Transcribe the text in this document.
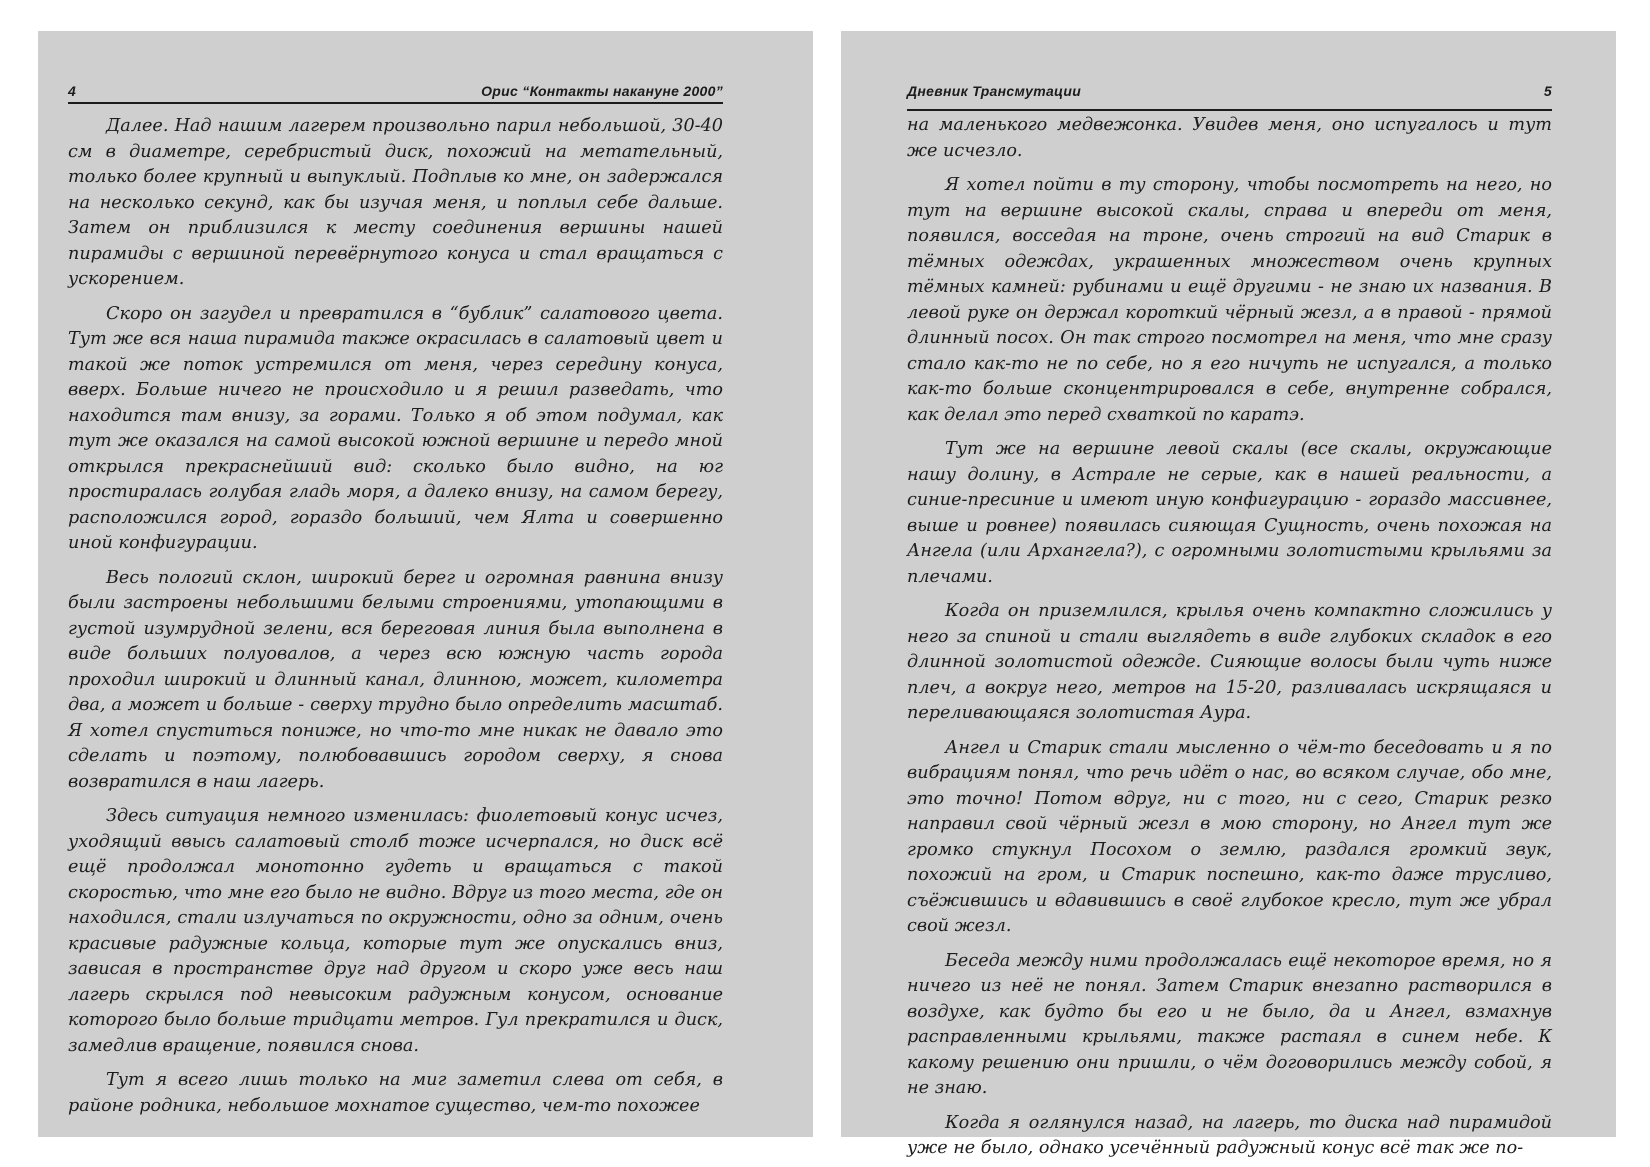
4	Орис “Контакты накануне 2000”

Далее. Над нашим лагерем произвольно парил небольшой, 30-40 см в диаметре, серебристый диск, похожий на метательный, только более крупный и выпуклый. Подплыв ко мне, он задержался на несколько секунд, как бы изучая меня, и поплыл себе дальше. Затем он приблизился к месту соединения вершины нашей пирамиды с вершиной перевёрнутого конуса и стал вращаться с ускорением.

Скоро он загудел и превратился в “бублик” салатового цвета. Тут же вся наша пирамида также окрасилась в салатовый цвет и такой же поток устремился от меня, через середину конуса, вверх. Больше ничего не происходило и я решил разведать, что находится там внизу, за горами. Только я об этом подумал, как тут же оказался на самой высокой южной вершине и передо мной открылся прекраснейший вид: сколько было видно, на юг простиралась голубая гладь моря, а далеко внизу, на самом берегу, расположился город, гораздо больший, чем Ялта и совершенно иной конфигурации.

Весь пологий склон, широкий берег и огромная равнина внизу были застроены небольшими белыми строениями, утопающими в густой изумрудной зелени, вся береговая линия была выполнена в виде больших полуовалов, а через всю южную часть города проходил широкий и длинный канал, длинною, может, километра два, а может и больше - сверху трудно было определить масштаб. Я хотел спуститься пониже, но что-то мне никак не давало это сделать и поэтому, полюбовавшись городом сверху, я снова возвратился в наш лагерь.

Здесь ситуация немного изменилась: фиолетовый конус исчез, уходящий ввысь салатовый столб тоже исчерпался, но диск всё ещё продолжал монотонно гудеть и вращаться с такой скоростью, что мне его было не видно. Вдруг из того места, где он находился, стали излучаться по окружности, одно за одним, очень красивые радужные кольца, которые тут же опускались вниз, зависая в пространстве друг над другом и скоро уже весь наш лагерь скрылся под невысоким радужным конусом, основание которого было больше тридцати метров. Гул прекратился и диск, замедлив вращение, появился снова.

Тут я всего лишь только на миг заметил слева от себя, в районе родника, небольшое мохнатое существо, чем-то похожее

Дневник Трансмутации	5

на маленького медвежонка. Увидев меня, оно испугалось и тут же исчезло.

Я хотел пойти в ту сторону, чтобы посмотреть на него, но тут на вершине высокой скалы, справа и впереди от меня, появился, восседая на троне, очень строгий на вид Старик в тёмных одеждах, украшенных множеством очень крупных тёмных камней: рубинами и ещё другими - не знаю их названия. В левой руке он держал короткий чёрный жезл, а в правой - прямой длинный посох. Он так строго посмотрел на меня, что мне сразу стало как-то не по себе, но я его ничуть не испугался, а только как-то больше сконцентрировался в себе, внутренне собрался, как делал это перед схваткой по каратэ.

Тут же на вершине левой скалы (все скалы, окружающие нашу долину, в Астрале не серые, как в нашей реальности, а синие-пресиние и имеют иную конфигурацию - гораздо массивнее, выше и ровнее) появилась сияющая Сущность, очень похожая на Ангела (или Архангела?), с огромными золотистыми крыльями за плечами.

Когда он приземлился, крылья очень компактно сложились у него за спиной и стали выглядеть в виде глубоких складок в его длинной золотистой одежде. Сияющие волосы были чуть ниже плеч, а вокруг него, метров на 15-20, разливалась искрящаяся и переливающаяся золотистая Аура.

Ангел и Старик стали мысленно о чём-то беседовать и я по вибрациям понял, что речь идёт о нас, во всяком случае, обо мне, это точно! Потом вдруг, ни с того, ни с сего, Старик резко направил свой чёрный жезл в мою сторону, но Ангел тут же громко стукнул Посохом о землю, раздался громкий звук, похожий на гром, и Старик поспешно, как-то даже трусливо, съёжившись и вдавившись в своё глубокое кресло, тут же убрал свой жезл.

Беседа между ними продолжалась ещё некоторое время, но я ничего из неё не понял. Затем Старик внезапно растворился в воздухе, как будто бы его и не было, да и Ангел, взмахнув расправленными крыльями, также растаял в синем небе. К какому решению они пришли, о чём договорились между собой, я не знаю.

Когда я оглянулся назад, на лагерь, то диска над пирамидой уже не было, однако усечённый радужный конус всё так же по-
